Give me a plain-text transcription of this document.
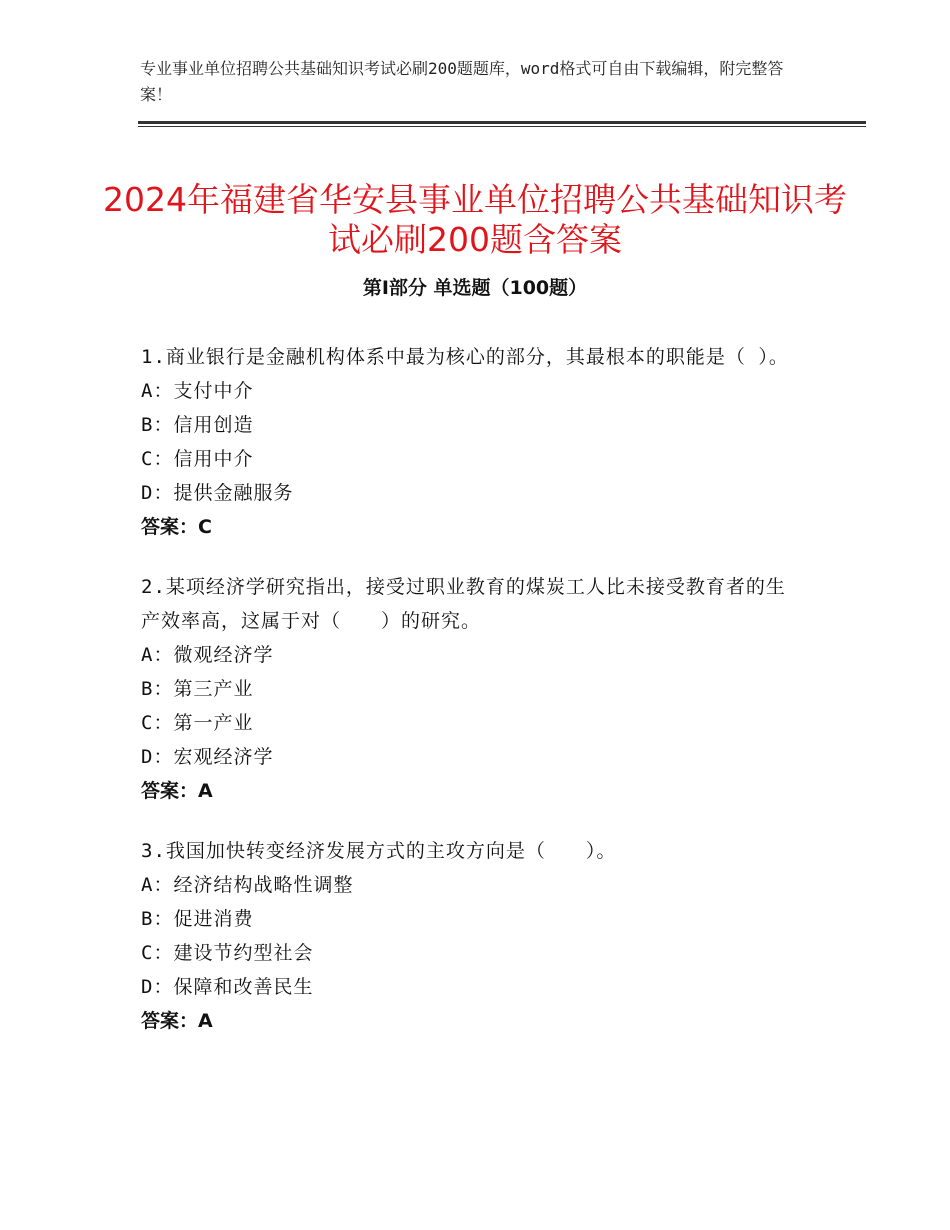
专业事业单位招聘公共基础知识考试必刷200题题库，word格式可自由下载编辑，附完整答案！
2024年福建省华安县事业单位招聘公共基础知识考试必刷200题含答案
第I部分 单选题（100题）
1.商业银行是金融机构体系中最为核心的部分，其最根本的职能是（ ）。
A：支付中介
B：信用创造
C：信用中介
D：提供金融服务
答案：C
2.某项经济学研究指出，接受过职业教育的煤炭工人比未接受教育者的生产效率高，这属于对（　　）的研究。
A：微观经济学
B：第三产业
C：第一产业
D：宏观经济学
答案：A
3.我国加快转变经济发展方式的主攻方向是（　　）。
A：经济结构战略性调整
B：促进消费
C：建设节约型社会
D：保障和改善民生
答案：A
